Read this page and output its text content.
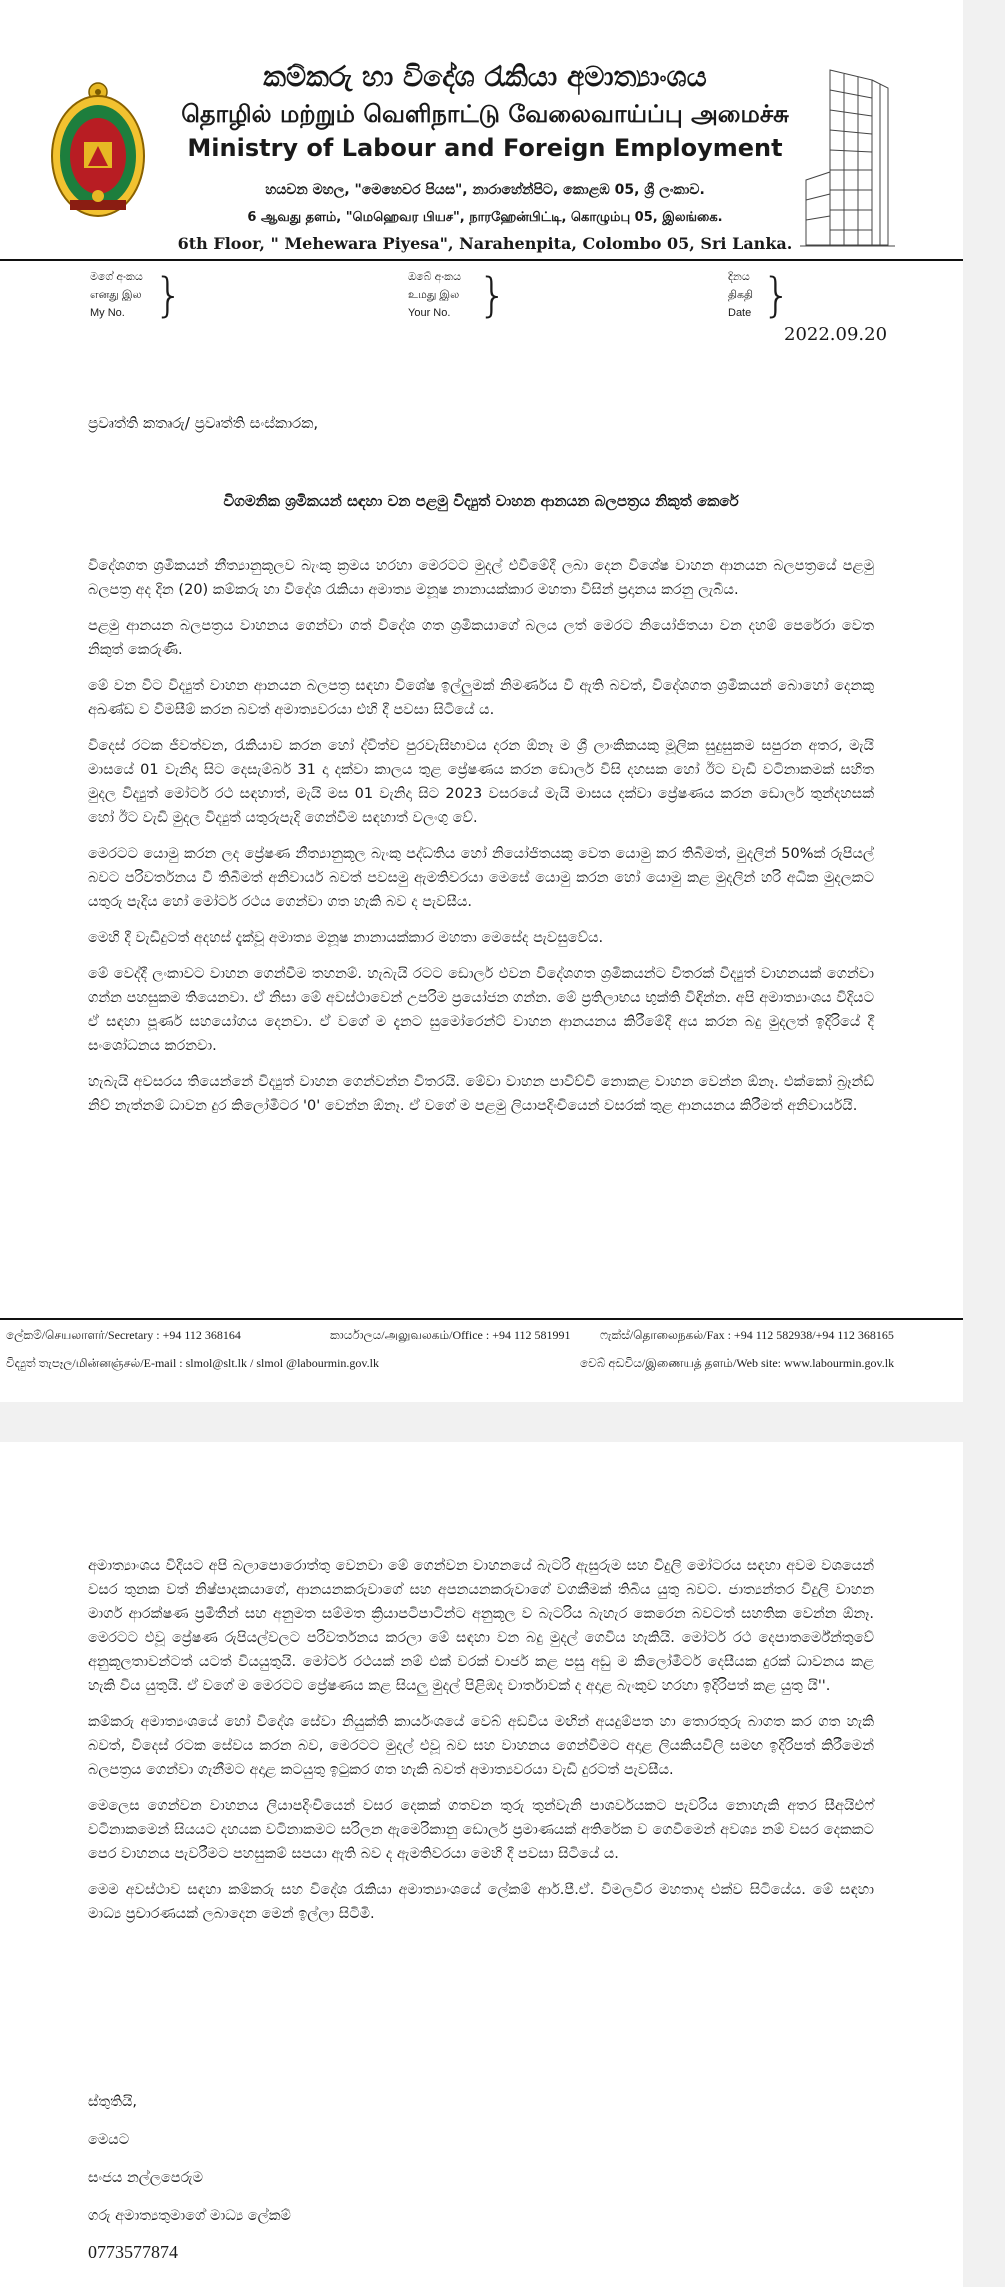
කම්කරු හා විදේශ රැකියා අමාත්‍යාංශය
தொழில் மற்றும் வெளிநாட்டு வேலைவாய்ப்பு அமைச்சு
Ministry of Labour and Foreign Employment
හයවන මහල, "මෙහෙවර පියස", නාරාහේන්පිට, කොළඹ 05, ශ්‍රී ලංකාව.
6 ஆவது தளம், "மெஹெவர பியச", நாரஹேன்பிட்டி, கொழும்பு 05, இலங்கை.
6th Floor, " Mehewara Piyesa", Narahenpita, Colombo 05, Sri Lanka.
මගේ අංකය
எனது இல
My No. }	ඔබේ අංකය
உமது இல
Your No. }	දිනය
திகதி
Date }
2022.09.20
ප්‍රවෘත්ති කතෘරු/ ප්‍රවෘත්ති සංස්කාරක,
විගමනික ශ්‍රමිකයන් සඳහා වන පළමු විද්‍යුත් වාහන ආනයන බලපත්‍රය නිකුත් කෙරේ

විදේශගත ශ්‍රමිකයන් නීත්‍යානුකූලව බැංකු ක්‍රමය හරහා මෙරටට මුදල් එවීමේදී ලබා දෙන විශේෂ වාහන ආනයන බලපත්‍රයේ පළමු බලපත්‍ර අද දින (20) කම්කරු හා විදේශ රැකියා අමාත්‍ය මනූෂ නානායක්කාර මහතා විසින් ප්‍රදානය කරනු ලැබීය.

පළමු ආනයන බලපත්‍රය වාහනය ගෙන්වා ගත් විදේශ ගත ශ්‍රමිකයාගේ බලය ලත් මෙරට නියෝජිතයා වන දහම් පෙරේරා වෙත නිකුත් කෙරුණි.

මේ වන විට විද්‍යුත් වාහන ආනයන බලපත්‍ර සඳහා විශේෂ ඉල්ලුමක් නිමර්ණය වී ඇති බවත්, විදේශගත ශ්‍රමිකයන් බොහෝ දෙනකු අඛණ්ඩ ව විමසීම් කරන බවත් අමාත්‍යවරයා එහි දී පවසා සිටියේ ය.

විදෙස් රටක ජීවත්වන, රැකියාව කරන හෝ ද්විත්ව පුරවැසිභාවය දරන ඕනෑ ම ශ්‍රී ලාංකිකයකු මූලික සුදුසුකම සපුරන අතර, මැයි මාසයේ 01 වැනිදා සිට දෙසැම්බර් 31 දා දක්වා කාලය තුළ ප්‍රේෂණය කරන ඩොලර් විසි දහසක හෝ ඊට වැඩි වටිනාකමක් සහිත මුදල විද්‍යුත් මෝටර් රථ සඳහාත්, මැයි මස 01 වැනිදා සිට 2023 වසරයේ මැයි මාසය දක්වා ප්‍රේෂණය කරන ඩොලර් තුන්දහසක් හෝ ඊට වැඩි මුදල විද්‍යුත් යතුරුපැදි ගෙන්වීම සඳහාත් වලංගු වේ.

මෙරටට යොමු කරන ලද ප්‍රේෂණ නීත්‍යානුකූල බැංකු පද්ධතිය හෝ නියෝජිතයකු වෙත යොමු කර තිබීමත්, මුදලින් 50%ක් රුපියල් බවට පරිවර්තනය වී තිබීමත් අනිවාර්ය බවත් පවසමු ඇමතිවරයා මෙසේ යොමු කරන හෝ යොමු කළ මුදලින් හරි අධික මුදලකට යතුරු පැදිය හෝ මෝටර් රථය ගෙන්වා ගත හැකි බව ද පැවසීය.

මෙහි දී වැඩිදුටත් අදහස් දැක්වූ අමාත්‍ය මනූෂ නානායක්කාර මහතා මෙසේද පැවසුවේය.

මේ වෙද්දී ලංකාවට වාහන ගෙන්වීම තහනම්. හැබැයි රටට ඩොලර් එවන විදේශගත ශ්‍රමිකයන්ට විතරක් විද්‍යුත් වාහනයක් ගෙන්වා ගන්න පහසුකම තියෙනවා. ඒ නිසා මේ අවස්ථාවෙන් උපරිම ප්‍රයෝජන ගන්න. මේ ප්‍රතිලාභය භුක්ති විඳින්න. අපි අමාත්‍යාංශය විදියට ඒ සඳහා පූර්ණ සහයෝගය දෙනවා. ඒ වගේ ම දැනට සුමෝරෙන්ට් වාහන ආනයනය කිරීමේදී අය කරන බදු මුදලත් ඉදිරියේ දී සංශෝධනය කරනවා.

හැබැයි අවසරය තියෙන්නේ විද්‍යුත් වාහන ගෙන්වන්න විතරයි. මේවා වාහන පාවිච්චි නොකළ වාහන වෙන්න ඕනෑ. එක්කෝ බ්‍රෑන්ඩ් නිව් නැත්නම් ධාවන දුර කිලෝමීටර '0' වෙන්න ඕනෑ. ඒ වගේ ම පළමු ලියාපදිංචියෙන් වසරක් තුළ ආනයනය කිරීමත් අනිවාර්යයි.

ලේකම්/செயலாளர்/Secretary : +94 112 368164	කාර්යාලය/அலுவலகம்/Office : +94 112 581991 ෆැක්ස්/தொலைநகல்/Fax : +94 112 582938/+94 112 368165
විද්‍යුත් තැපෑල/மின்னஞ்சல்/E-mail : slmol@slt.lk / slmol @labourmin.gov.lk	වෙබ් අඩවිය/இணையத் தளம்/Web site: www.labourmin.gov.lk

අමාත්‍යාංශය විදියට අපි බලාපොරොත්තු වෙනවා මේ ගෙන්වන වාහනයේ බැටරි ඇසුරුම සහ විදුලි මෝටරය සඳහා අවම වශයෙන් වසර තුනක වත් නිෂ්පාදකයාගේ, ආනයනකරුවාගේ සහ අපනයනකරුවාගේ වගකීමක් තිබිය යුතු බවට. ජාත්‍යන්තර විදුලි වාහන මාගර් ආරක්ෂණ ප්‍රමිතීන් සහ අනුමත සම්මත ක්‍රියාපටිපාටින්ට අනුකූල ව බැටරිය බැහැර කෙරෙන බවටත් සහතික වෙන්න ඕනෑ. මෙරටට එවූ ප්‍රේෂණ රුපියල්වලට පරිවර්තනය කරලා මේ සඳහා වන බදු මුදල් ගෙවිය හැකියි. මෝටර් රථ දෙපාතර්මේන්තුවේ අනුකූලතාවන්ටත් යටත් වියයුතුයි. මෝටර් රථයක් නම් එක් වරක් චාජර් කළ පසු අඩු ම කිලෝමීටර් දෙසීයක දුරක් ධාවනය කළ හැකි විය යුතුයි. ඒ වගේ ම මෙරටට ප්‍රේෂණය කළ සියලු මුදල් පිළිඹද වාර්තාවක් ද අදාළ බැංකුව හරහා ඉදිරිපත් කළ යුතු යි''.

කම්කරු අමාත්‍යංශයේ හෝ විදේශ සේවා නියුක්ති කාර්යංශයේ වෙබ් අඩවිය මඟින් අයදුම්පත හා තොරතුරු බාගත කර ගත හැකි බවත්, විදෙස් රටක සේවය කරන බව, මෙරටට මුදල් එවූ බව සහ වාහනය ගෙන්වීමට අදාළ ලියකියවිලි සමඟ ඉදිරිපත් කිරීමෙන් බලපත්‍රය ගෙන්වා ගැනීමට අදාළ කටයුතු ඉටුකර ගත හැකි බවත් අමාත්‍යවරයා වැඩි දුරටත් පැවසීය.

මෙලෙස ගෙන්වන වාහනය ලියාපදිංචියෙන් වසර දෙකක් ගතවන තුරු තුන්වැනි පාශර්වයකට පැවරිය නොහැකි අතර සීඅයිඑෆ් වටිනාකමෙන් සියයට දහයක වටිනාකමට සරිලන ඇමෙරිකානු ඩොලර් ප්‍රමාණයක් අතිරේක ව ගෙවීමෙන් අවශ්‍ය නම් වසර දෙකකට පෙර වාහනය පැවරීමට පහසුකම් සපයා ඇති බව ද ඇමතිවරයා මෙහි දී පවසා සිටියේ ය.

මෙම අවස්ථාව සඳහා කම්කරු සහ විදේශ රැකියා අමාත්‍යාංශයේ ලේකම් ආර්.පී.ඒ. විමලවීර මහතාද එක්ව සිටියේය. මේ සඳහා මාධ්‍ය ප්‍රචාරණයක් ලබාදෙන මෙන් ඉල්ලා සිටිමි.

ස්තුතියි,
මෙයට
සංජය නල්ලපෙරුම
ගරු අමාත්‍යතුමාගේ මාධ්‍ය ලේකම්
0773577874
